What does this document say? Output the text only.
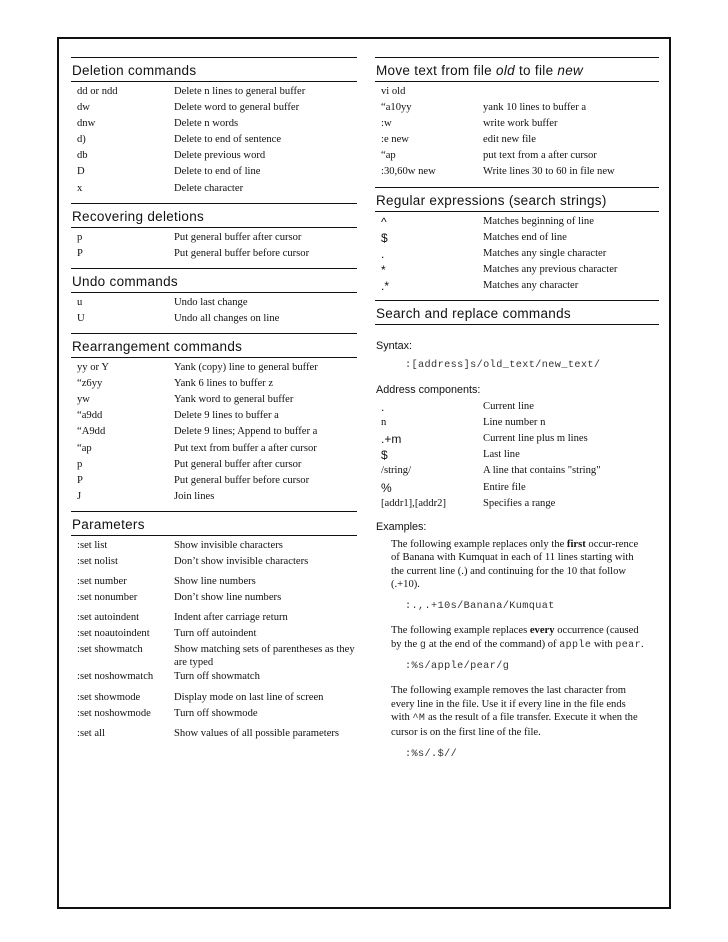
Deletion commands
dd or ndd	Delete n lines to general buffer
dw	Delete word to general buffer
dnw	Delete n words
d)	Delete to end of sentence
db	Delete previous word
D	Delete to end of line
x	Delete character
Recovering deletions
p	Put general buffer after cursor
P	Put general buffer before cursor
Undo commands
u	Undo last change
U	Undo all changes on line
Rearrangement commands
yy or Y	Yank (copy) line to general buffer
“z6yy	Yank 6 lines to buffer z
yw	Yank word to general buffer
“a9dd	Delete 9 lines to buffer a
“A9dd	Delete 9 lines; Append to buffer a
“ap	Put text from buffer a after cursor
p	Put general buffer after cursor
P	Put general buffer before cursor
J	Join lines
Parameters
:set list	Show invisible characters
:set nolist	Don’t show invisible characters
:set number	Show line numbers
:set nonumber	Don’t show line numbers
:set autoindent	Indent after carriage return
:set noautoindent	Turn off autoindent
:set showmatch	Show matching sets of parentheses as they are typed
:set noshowmatch	Turn off showmatch
:set showmode	Display mode on last line of screen
:set noshowmode	Turn off showmode
:set all	Show values of all possible parameters
Move text from file old to file new
vi old
“a10yy	yank 10 lines to buffer a
:w	write work buffer
:e new	edit new file
“ap	put text from a after cursor
:30,60w new	Write lines 30 to 60 in file new
Regular expressions (search strings)
^	Matches beginning of line
$	Matches end of line
.	Matches any single character
*	Matches any previous character
.*	Matches any character
Search and replace commands
Syntax:
:[address]s/old_text/new_text/
Address components:
.	Current line
n	Line number n
.+m	Current line plus m lines
$	Last line
/string/	A line that contains "string"
%	Entire file
[addr1],[addr2]	Specifies a range
Examples:
The following example replaces only the first occur-rence of Banana with Kumquat in each of 11 lines starting with the current line (.) and continuing for the 10 that follow (.+10).
:.,.+10s/Banana/Kumquat
The following example replaces every occurrence (caused by the g at the end of the command) of apple with pear.
:%s/apple/pear/g
The following example removes the last character from every line in the file. Use it if every line in the file ends with ^M as the result of a file transfer. Execute it when the cursor is on the first line of the file.
:%s/.$//
